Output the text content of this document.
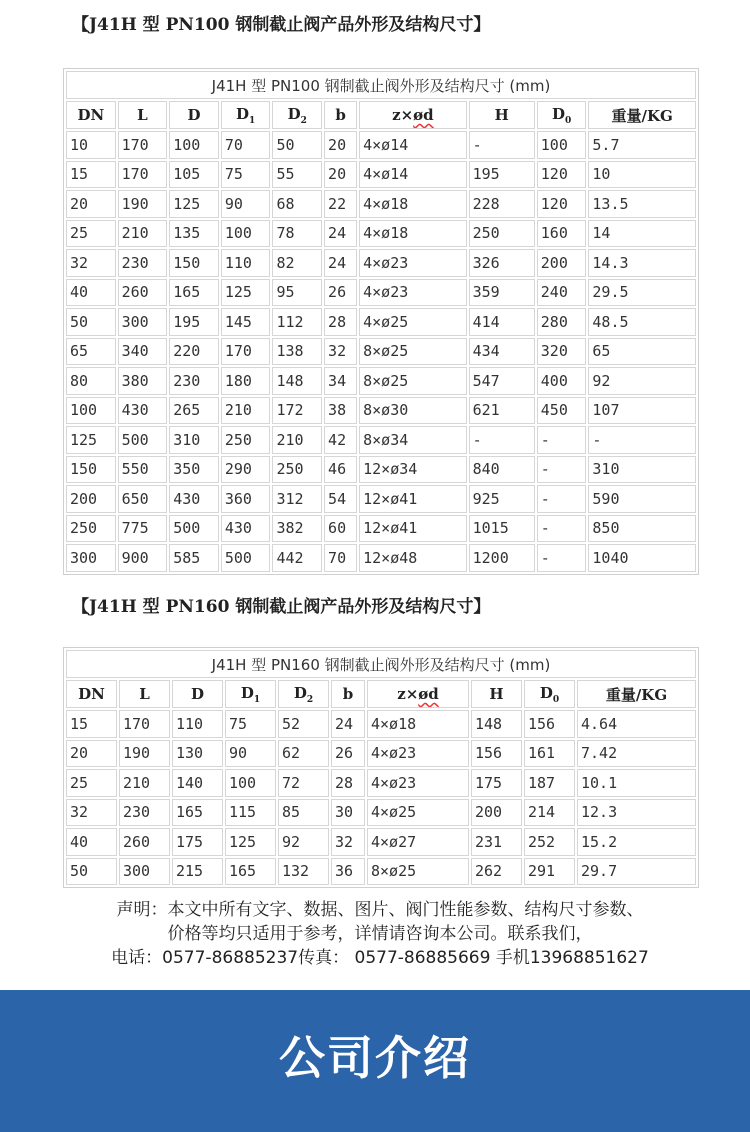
【J41H 型 PN100 钢制截止阀产品外形及结构尺寸】
J41H 型 PN100 钢制截止阀外形及结构尺寸 (mm)									
DN	L	D	$D_1$	$D_2$	b	z×ød	H	$D_0$	重量/KG
10	170	100	70	50	20	4×ø14	-	100	5.7
15	170	105	75	55	20	4×ø14	195	120	10
20	190	125	90	68	22	4×ø18	228	120	13.5
25	210	135	100	78	24	4×ø18	250	160	14
32	230	150	110	82	24	4×ø23	326	200	14.3
40	260	165	125	95	26	4×ø23	359	240	29.5
50	300	195	145	112	28	4×ø25	414	280	48.5
65	340	220	170	138	32	8×ø25	434	320	65
80	380	230	180	148	34	8×ø25	547	400	92
100	430	265	210	172	38	8×ø30	621	450	107
125	500	310	250	210	42	8×ø34	-	-	-
150	550	350	290	250	46	12×ø34	840	-	310
200	650	430	360	312	54	12×ø41	925	-	590
250	775	500	430	382	60	12×ø41	1015	-	850
300	900	585	500	442	70	12×ø48	1200	-	1040
【J41H 型 PN160 钢制截止阀产品外形及结构尺寸】
J41H 型 PN160 钢制截止阀外形及结构尺寸 (mm)									
DN	L	D	$D_1$	$D_2$	b	z×ød	H	$D_0$	重量/KG
15	170	110	75	52	24	4×ø18	148	156	4.64
20	190	130	90	62	26	4×ø23	156	161	7.42
25	210	140	100	72	28	4×ø23	175	187	10.1
32	230	165	115	85	30	4×ø25	200	214	12.3
40	260	175	125	92	32	4×ø27	231	252	15.2
50	300	215	165	132	36	8×ø25	262	291	29.7
声明：本文中所有文字、数据、图片、阀门性能参数、结构尺寸参数、
价格等均只适用于参考，详情请咨询本公司。联系我们，
电话：0577-86885237传真： 0577-86885669 手机13968851627
公司介绍
